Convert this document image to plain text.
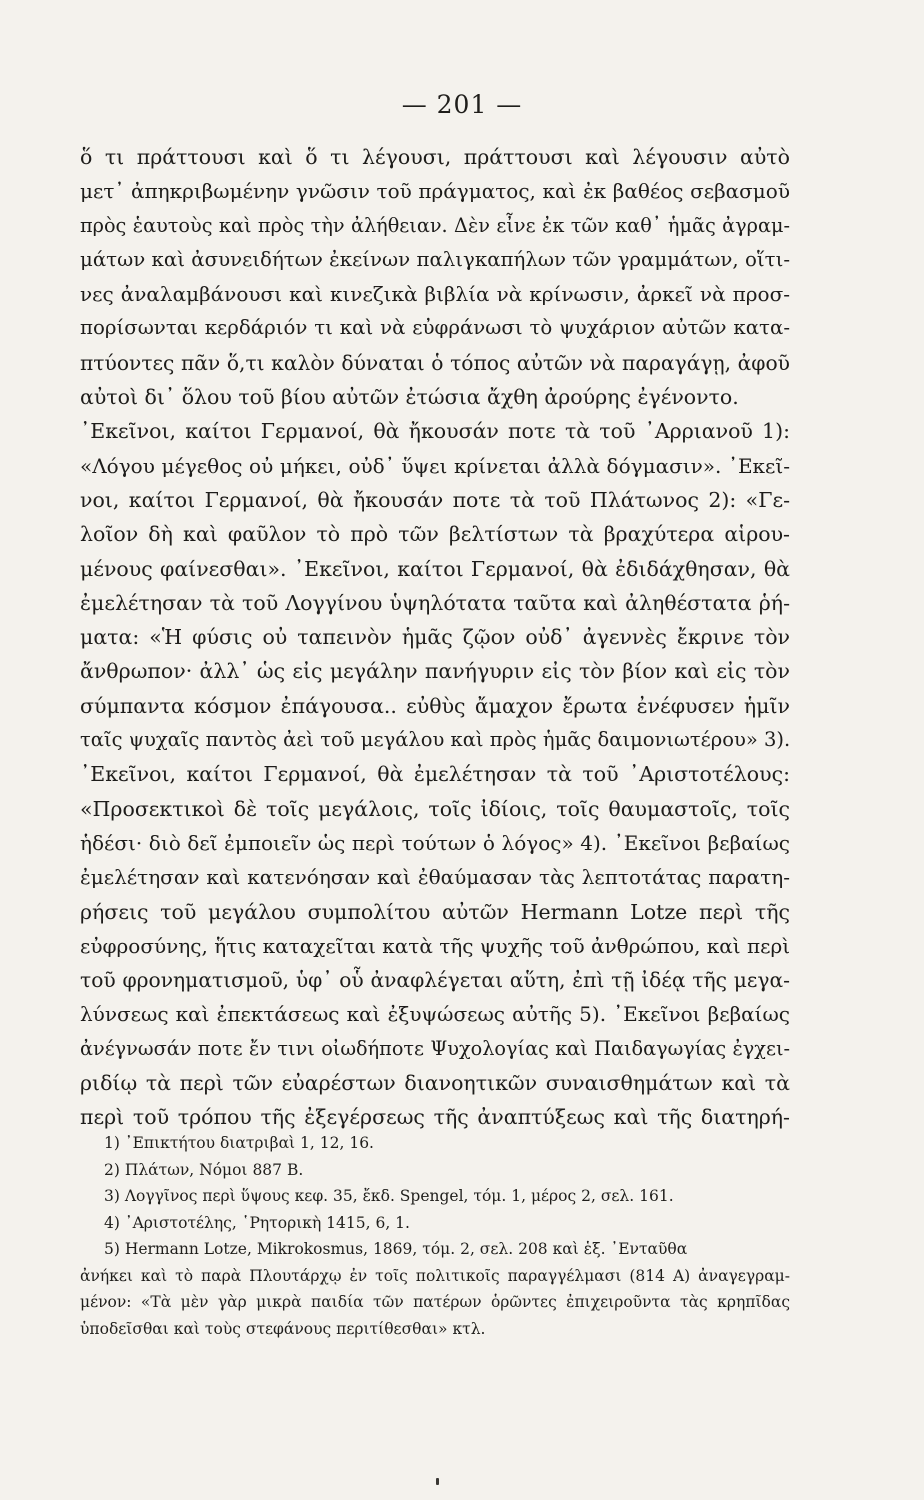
— 201 —
ὅ τι πράττουσι καὶ ὅ τι λέγουσι, πράττουσι καὶ λέγουσιν αὐτὸ
μετ᾽ ἀπηκριβωμένην γνῶσιν τοῦ πράγματος, καὶ ἐκ βαθέος σεβασμοῦ
πρὸς ἑαυτοὺς καὶ πρὸς τὴν ἀλήθειαν. Δὲν εἶνε ἐκ τῶν καθ᾽ ἡμᾶς ἀγραμ-
μάτων καὶ ἀσυνειδήτων ἐκείνων παλιγκαπήλων τῶν γραμμάτων, οἵτι-
νες ἀναλαμβάνουσι καὶ κινεζικὰ βιβλία νὰ κρίνωσιν, ἀρκεῖ νὰ προσ-
πορίσωνται κερδάριόν τι καὶ νὰ εὐφράνωσι τὸ ψυχάριον αὐτῶν κατα-
πτύοντες πᾶν ὅ,τι καλὸν δύναται ὁ τόπος αὐτῶν νὰ παραγάγῃ, ἀφοῦ
αὐτοὶ δι᾽ ὅλου τοῦ βίου αὐτῶν ἐτώσια ἄχθη ἀρούρης ἐγένοντο.
᾽Εκεῖνοι, καίτοι Γερμανοί, θὰ ἤκουσάν ποτε τὰ τοῦ ᾽Αρριανοῦ 1):
«Λόγου μέγεθος οὐ μήκει, οὐδ᾽ ὕψει κρίνεται ἀλλὰ δόγμασιν». ᾽Εκεῖ-
νοι, καίτοι Γερμανοί, θὰ ἤκουσάν ποτε τὰ τοῦ Πλάτωνος 2): «Γε-
λοῖον δὴ καὶ φαῦλον τὸ πρὸ τῶν βελτίστων τὰ βραχύτερα αἱρου-
μένους φαίνεσθαι». ᾽Εκεῖνοι, καίτοι Γερμανοί, θὰ ἐδιδάχθησαν, θὰ
ἐμελέτησαν τὰ τοῦ Λογγίνου ὑψηλότατα ταῦτα καὶ ἀληθέστατα ῥή-
ματα: «Ἡ φύσις οὐ ταπεινὸν ἡμᾶς ζῷον οὐδ᾽ ἀγεννὲς ἔκρινε τὸν
ἄνθρωπον· ἀλλ᾽ ὡς εἰς μεγάλην πανήγυριν εἰς τὸν βίον καὶ εἰς τὸν
σύμπαντα κόσμον ἐπάγουσα.. εὐθὺς ἄμαχον ἔρωτα ἐνέφυσεν ἡμῖν
ταῖς ψυχαῖς παντὸς ἀεὶ τοῦ μεγάλου καὶ πρὸς ἡμᾶς δαιμονιωτέρου» 3).
᾽Εκεῖνοι, καίτοι Γερμανοί, θὰ ἐμελέτησαν τὰ τοῦ ᾽Αριστοτέλους:
«Προσεκτικοὶ δὲ τοῖς μεγάλοις, τοῖς ἰδίοις, τοῖς θαυμαστοῖς, τοῖς
ἡδέσι· διὸ δεῖ ἐμποιεῖν ὡς περὶ τούτων ὁ λόγος» 4). ᾽Εκεῖνοι βεβαίως
ἐμελέτησαν καὶ κατενόησαν καὶ ἐθαύμασαν τὰς λεπτοτάτας παρατη-
ρήσεις τοῦ μεγάλου συμπολίτου αὐτῶν Hermann Lotze περὶ τῆς
εὐφροσύνης, ἥτις καταχεῖται κατὰ τῆς ψυχῆς τοῦ ἀνθρώπου, καὶ περὶ
τοῦ φρονηματισμοῦ, ὑφ᾽ οὗ ἀναφλέγεται αὕτη, ἐπὶ τῇ ἰδέᾳ τῆς μεγα-
λύνσεως καὶ ἐπεκτάσεως καὶ ἐξυψώσεως αὐτῆς 5). ᾽Εκεῖνοι βεβαίως
ἀνέγνωσάν ποτε ἔν τινι οἰωδήποτε Ψυχολογίας καὶ Παιδαγωγίας ἐγχει-
ριδίῳ τὰ περὶ τῶν εὐαρέστων διανοητικῶν συναισθημάτων καὶ τὰ
περὶ τοῦ τρόπου τῆς ἐξεγέρσεως τῆς ἀναπτύξεως καὶ τῆς διατηρή-
1) ᾽Επικτήτου διατριβαὶ 1, 12, 16.
2) Πλάτων, Νόμοι 887 Β.
3) Λογγῖνος περὶ ὕψους κεφ. 35, ἔκδ. Spengel, τόμ. 1, μέρος 2, σελ. 161.
4) ᾽Αριστοτέλης, ῾Ρητορικὴ 1415, 6, 1.
5) Hermann Lotze, Mikrokosmus, 1869, τόμ. 2, σελ. 208 καὶ ἑξ. ᾽Ενταῦθα
ἀνήκει καὶ τὸ παρὰ Πλουτάρχῳ ἐν τοῖς πολιτικοῖς παραγγέλμασι (814 Α) ἀναγεγραμ-
μένον: «Τὰ μὲν γὰρ μικρὰ παιδία τῶν πατέρων ὁρῶντες ἐπιχειροῦντα τὰς κρηπῖδας
ὑποδεῖσθαι καὶ τοὺς στεφάνους περιτίθεσθαι» κτλ.
